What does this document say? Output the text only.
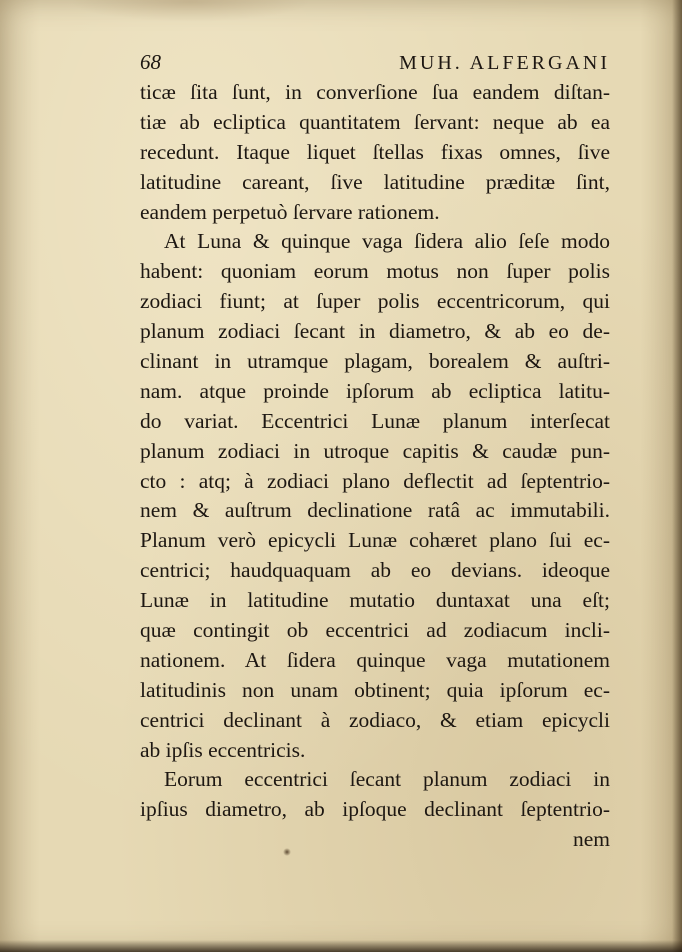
68	MUH. ALFERGANI
ticæ ſita ſunt, in converſione ſua eandem diſtan-
tiæ ab ecliptica quantitatem ſervant: neque ab ea
recedunt. Itaque liquet ſtellas fixas omnes, ſive
latitudine careant, ſive latitudine præditæ ſint,
eandem perpetuò ſervare rationem.
At Luna & quinque vaga ſidera alio ſeſe modo
habent: quoniam eorum motus non ſuper polis
zodiaci fiunt; at ſuper polis eccentricorum, qui
planum zodiaci ſecant in diametro, & ab eo de-
clinant in utramque plagam, borealem & auſtri-
nam. atque proinde ipſorum ab ecliptica latitu-
do variat. Eccentrici Lunæ planum interſecat
planum zodiaci in utroque capitis & caudæ pun-
cto : atq; à zodiaci plano deflectit ad ſeptentrio-
nem & auſtrum declinatione ratâ ac immutabili.
Planum verò epicycli Lunæ cohæret plano ſui ec-
centrici; haudquaquam ab eo devians. ideoque
Lunæ in latitudine mutatio duntaxat una eſt;
quæ contingit ob eccentrici ad zodiacum incli-
nationem. At ſidera quinque vaga mutationem
latitudinis non unam obtinent; quia ipſorum ec-
centrici declinant à zodiaco, & etiam epicycli
ab ipſis eccentricis.
Eorum eccentrici ſecant planum zodiaci in
ipſius diametro, ab ipſoque declinant ſeptentrio-
nem
